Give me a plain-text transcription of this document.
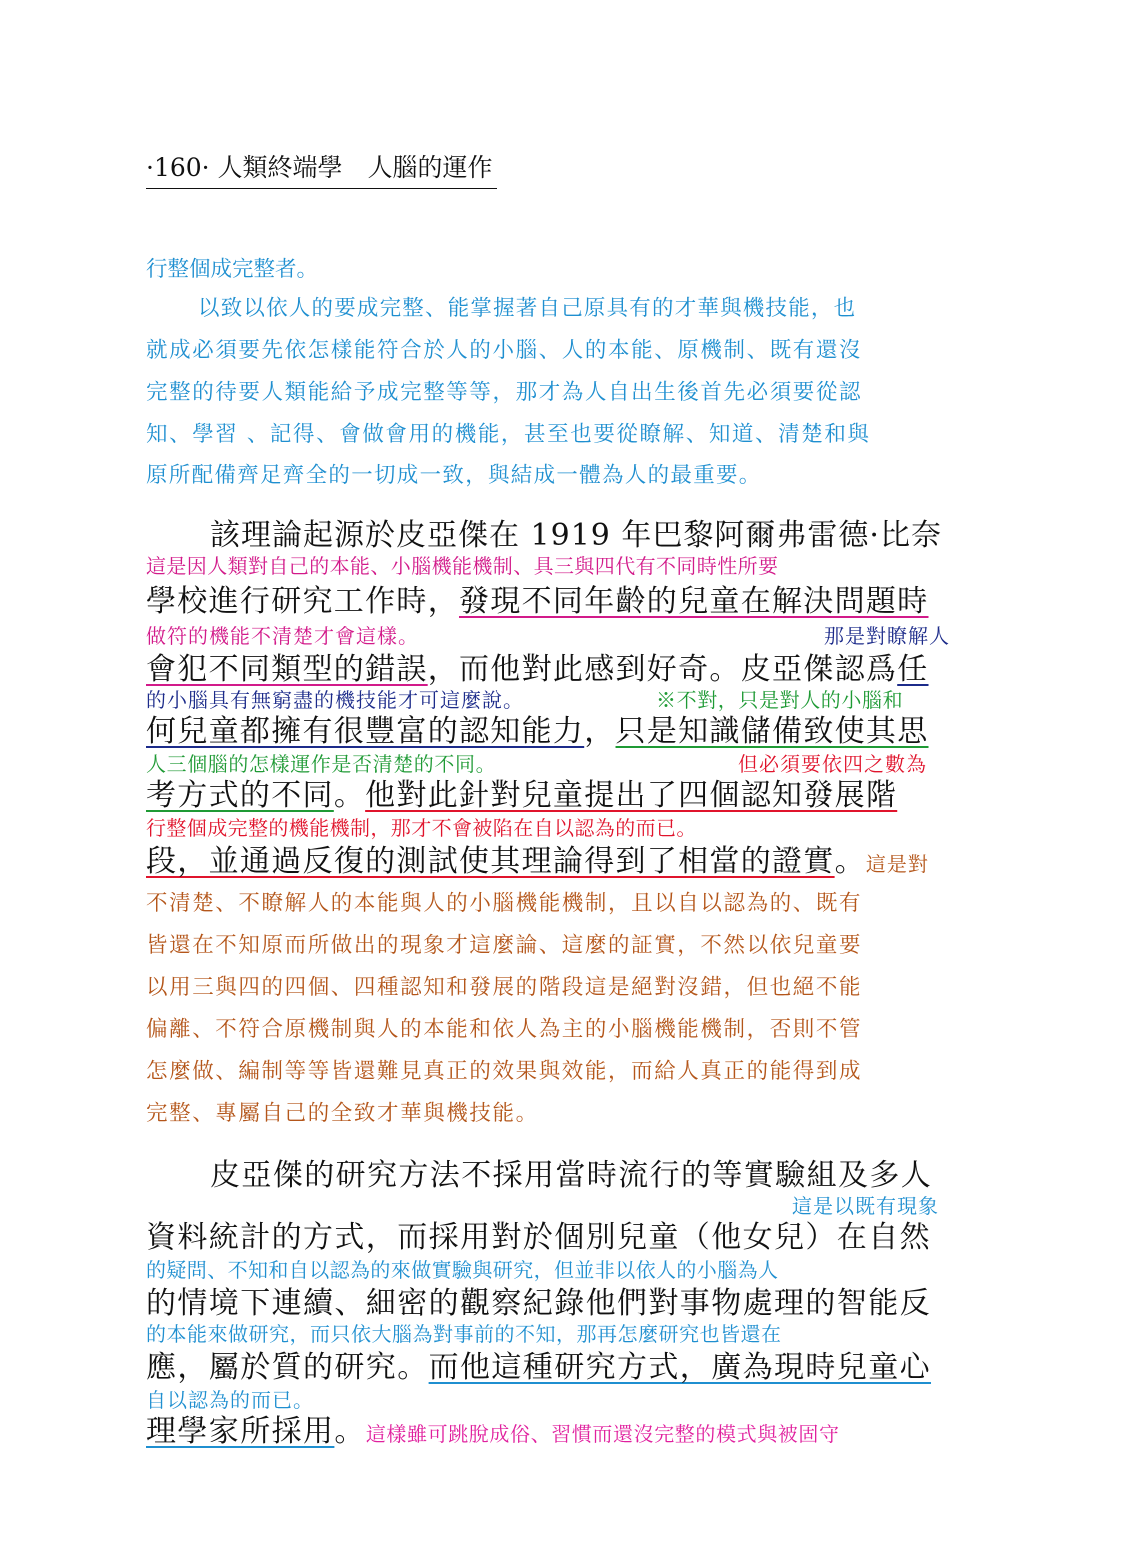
·160· 人類終端學　人腦的運作
行整個成完整者。
以致以依人的要成完整、能掌握著自己原具有的才華與機技能，也
就成必須要先依怎樣能符合於人的小腦、人的本能、原機制、既有還沒
完整的待要人類能給予成完整等等，那才為人自出生後首先必須要從認
知、學習 、記得、會做會用的機能，甚至也要從瞭解、知道、清楚和與
原所配備齊足齊全的一切成一致，與結成一體為人的最重要。
該理論起源於皮亞傑在 1919 年巴黎阿爾弗雷德·比奈
這是因人類對自己的本能、小腦機能機制、具三與四代有不同時性所要
學校進行研究工作時，發現不同年齡的兒童在解決問題時
做符的機能不清楚才會這樣。	那是對瞭解人
會犯不同類型的錯誤，而他對此感到好奇。皮亞傑認爲任
的小腦具有無窮盡的機技能才可這麼說。	※不對，只是對人的小腦和
何兒童都擁有很豐富的認知能力，只是知識儲備致使其思
人三個腦的怎樣運作是否清楚的不同。	但必須要依四之數為
考方式的不同。他對此針對兒童提出了四個認知發展階
行整個成完整的機能機制，那才不會被陷在自以認為的而已。
段，並通過反復的測試使其理論得到了相當的證實。這是對
不清楚、不瞭解人的本能與人的小腦機能機制，且以自以認為的、既有
皆還在不知原而所做出的現象才這麼論、這麼的証實，不然以依兒童要
以用三與四的四個、四種認知和發展的階段這是絕對沒錯，但也絕不能
偏離、不符合原機制與人的本能和依人為主的小腦機能機制，否則不管
怎麼做、編制等等皆還難見真正的效果與效能，而給人真正的能得到成
完整、專屬自己的全致才華與機技能。
皮亞傑的研究方法不採用當時流行的等實驗組及多人
這是以既有現象
資料統計的方式，而採用對於個別兒童（他女兒）在自然
的疑問、不知和自以認為的來做實驗與研究，但並非以依人的小腦為人
的情境下連續、細密的觀察紀錄他們對事物處理的智能反
的本能來做研究，而只依大腦為對事前的不知，那再怎麼研究也皆還在
應，屬於質的研究。而他這種研究方式，廣為現時兒童心
自以認為的而已。
理學家所採用。這樣雖可跳脫成俗、習慣而還沒完整的模式與被固守
